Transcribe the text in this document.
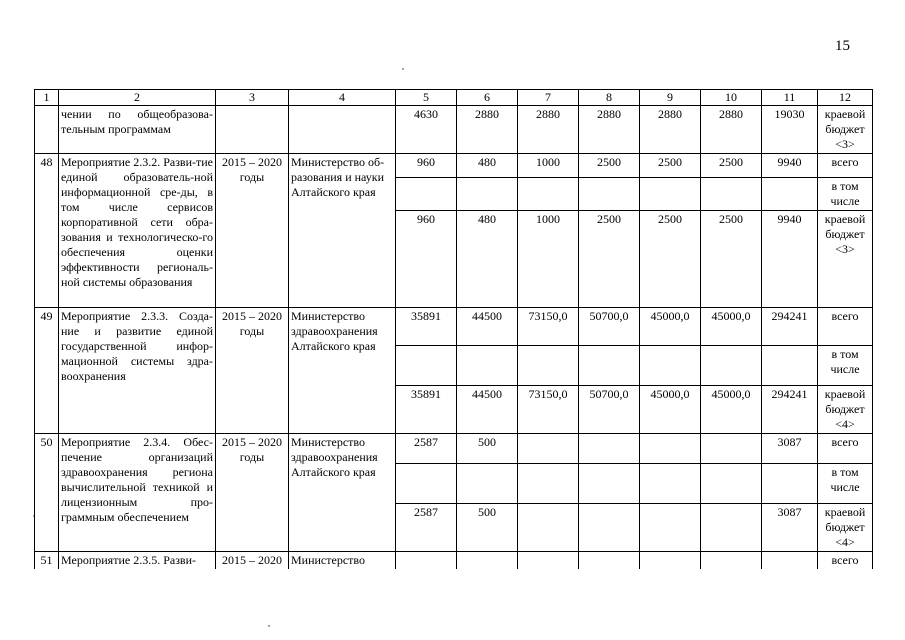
15
1	2	3	4	5	6	7	8	9	10	11	12
	чении по общеобразова-тельным программам			4630	2880	2880	2880	2880	2880	19030	краевой бюджет <3>
48	Мероприятие 2.3.2. Разви-тие единой образователь-ной информационной сре-ды, в том числе сервисов корпоративной сети обра-зования и технологическо-го обеспечения оценки эффективности региональ-ной системы образования	2015 – 2020 годы	Министерство об-разования и науки Алтайского края	960	480	1000	2500	2500	2500	9940	всего
											в том числе
				960	480	1000	2500	2500	2500	9940	краевой бюджет <3>
49	Мероприятие 2.3.3. Созда-ние и развитие единой государственной инфор-мационной системы здра-воохранения	2015 – 2020 годы	Министерство здравоохранения Алтайского края	35891	44500	73150,0	50700,0	45000,0	45000,0	294241	всего
											в том числе
				35891	44500	73150,0	50700,0	45000,0	45000,0	294241	краевой бюджет <4>
50	Мероприятие 2.3.4. Обес-печение организаций здравоохранения региона вычислительной техникой и лицензионным про-граммным обеспечением	2015 – 2020 годы	Министерство здравоохранения Алтайского края	2587	500					3087	всего
											в том числе
				2587	500					3087	краевой бюджет <4>
51	Мероприятие 2.3.5. Разви-	2015 – 2020	Министерство								всего
